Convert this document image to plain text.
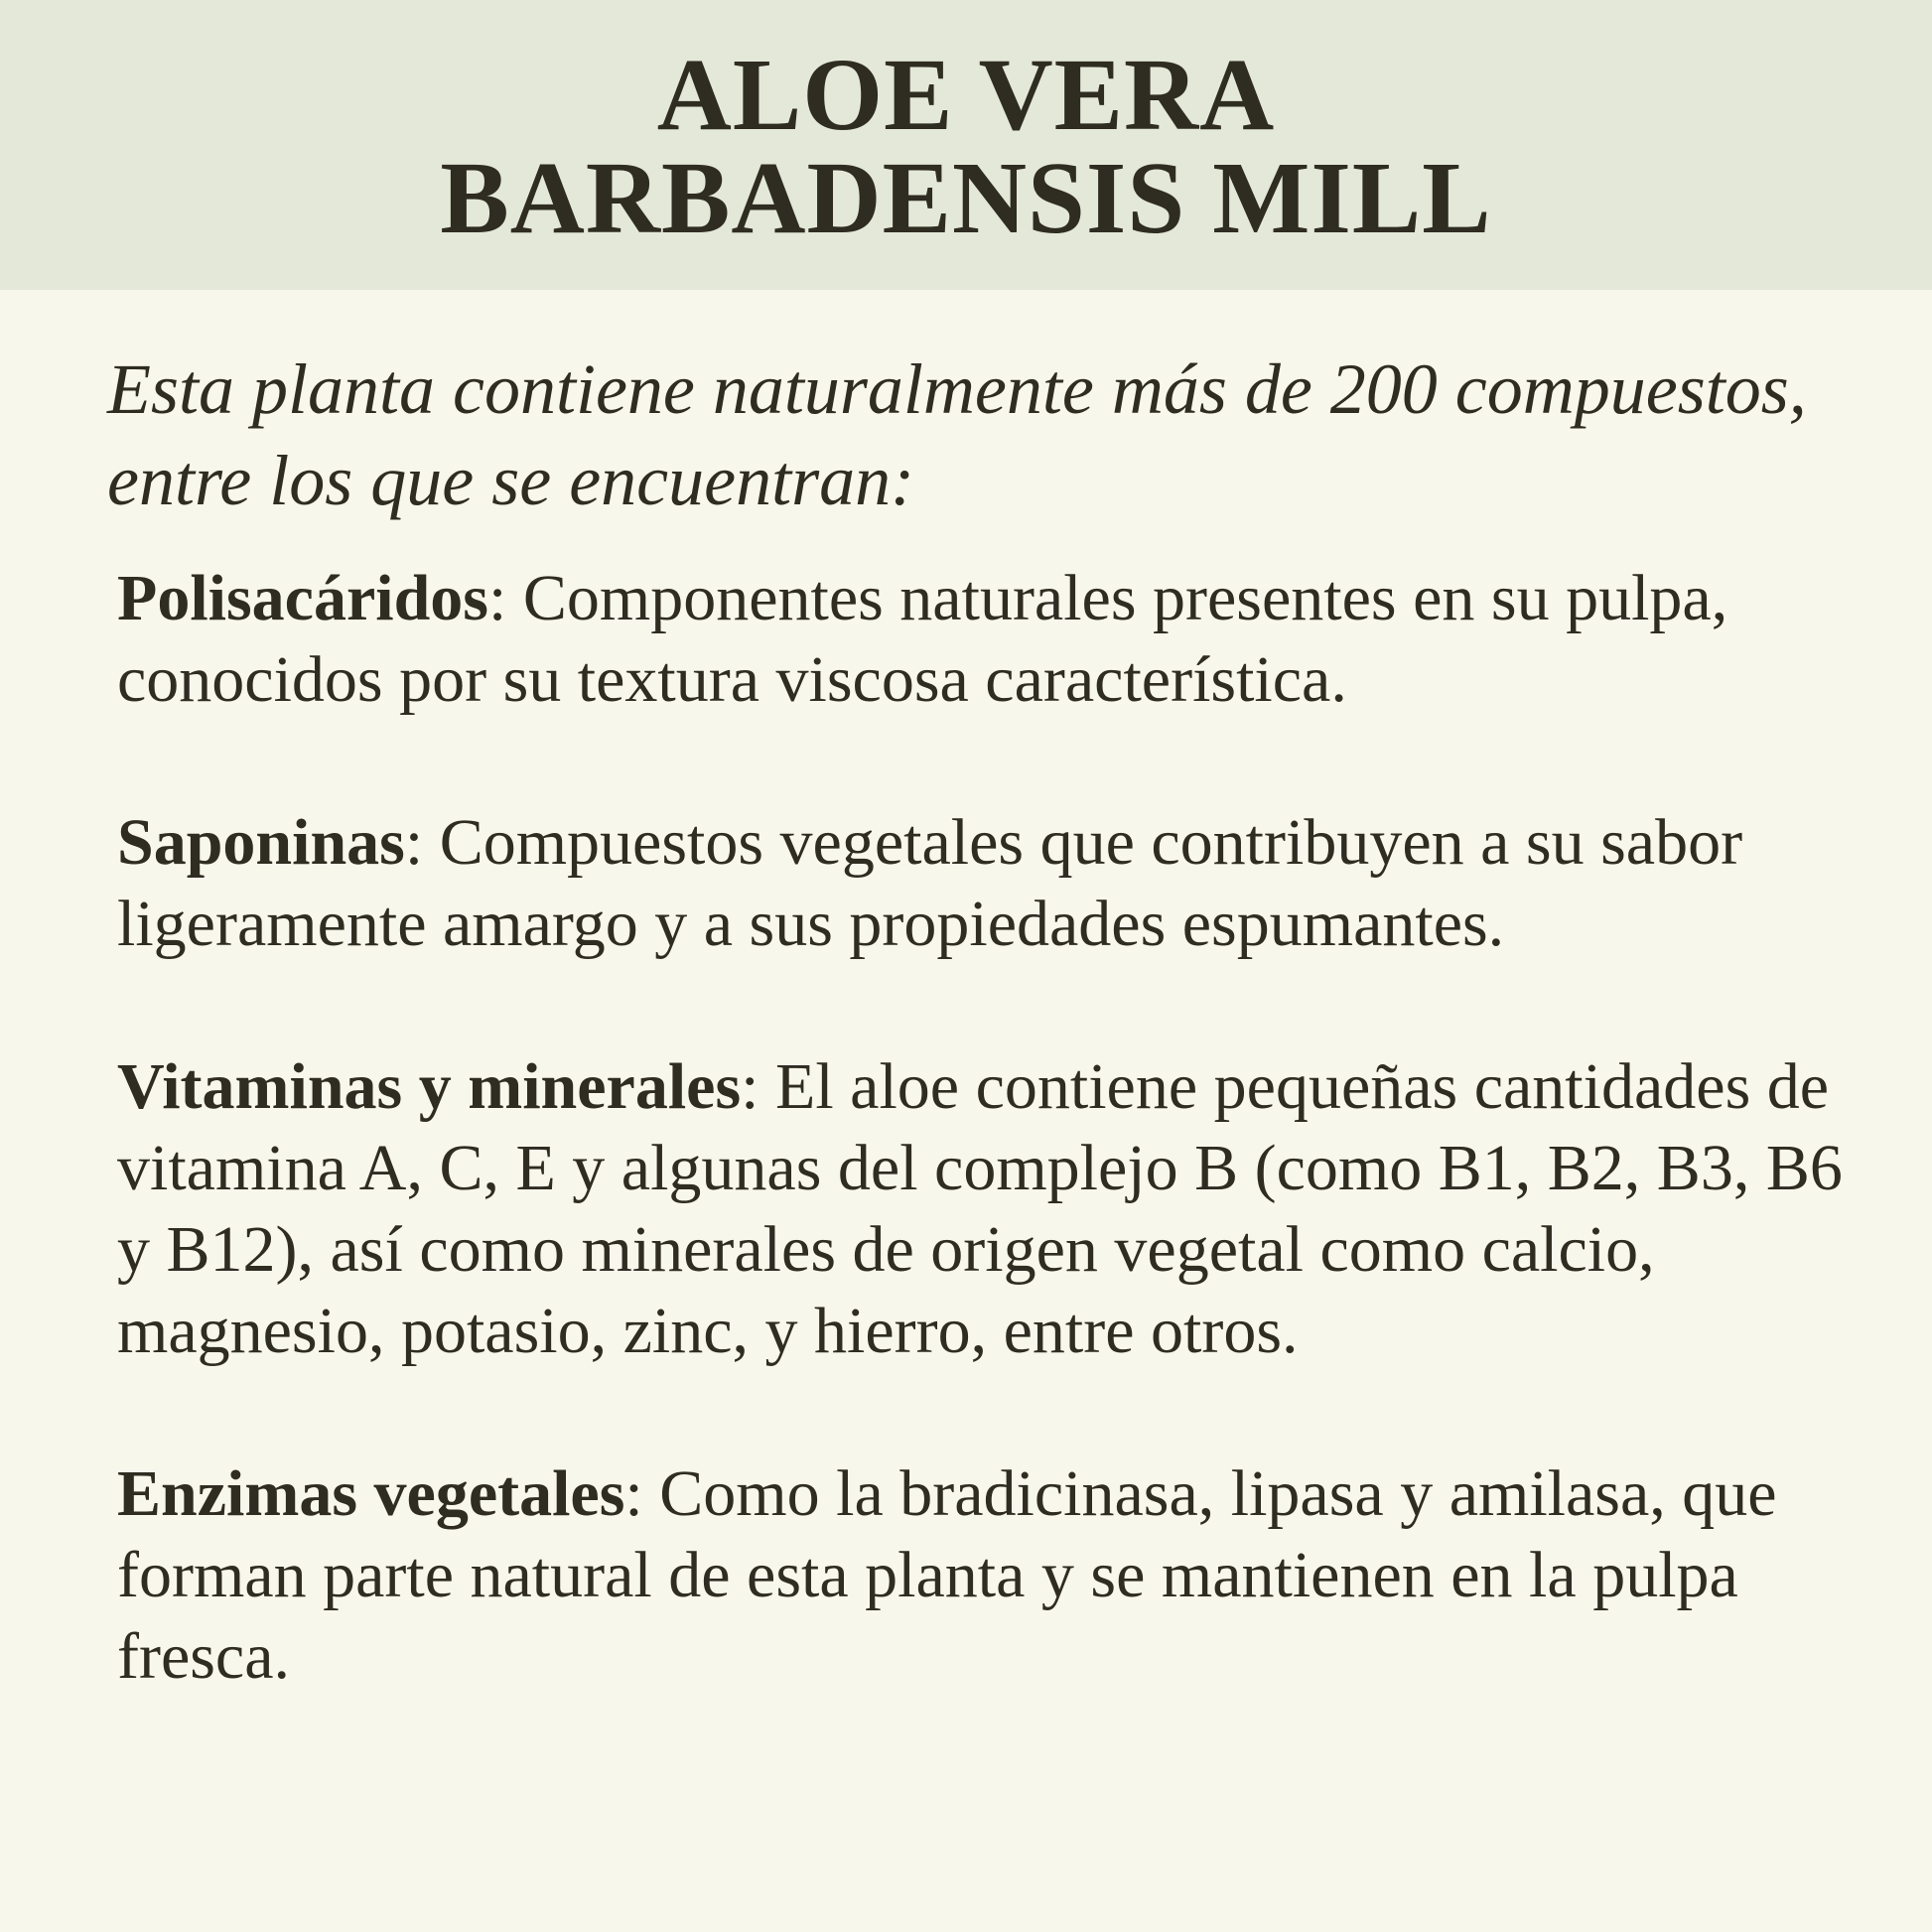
ALOE VERA
BARBADENSIS MILL

Esta planta contiene naturalmente más de 200 compuestos, entre los que se encuentran:

Polisacáridos: Componentes naturales presentes en su pulpa, conocidos por su textura viscosa característica.

Saponinas: Compuestos vegetales que contribuyen a su sabor ligeramente amargo y a sus propiedades espumantes.

Vitaminas y minerales: El aloe contiene pequeñas cantidades de vitamina A, C, E y algunas del complejo B (como B1, B2, B3, B6 y B12), así como minerales de origen vegetal como calcio, magnesio, potasio, zinc, y hierro, entre otros.

Enzimas vegetales: Como la bradicinasa, lipasa y amilasa, que forman parte natural de esta planta y se mantienen en la pulpa fresca.
